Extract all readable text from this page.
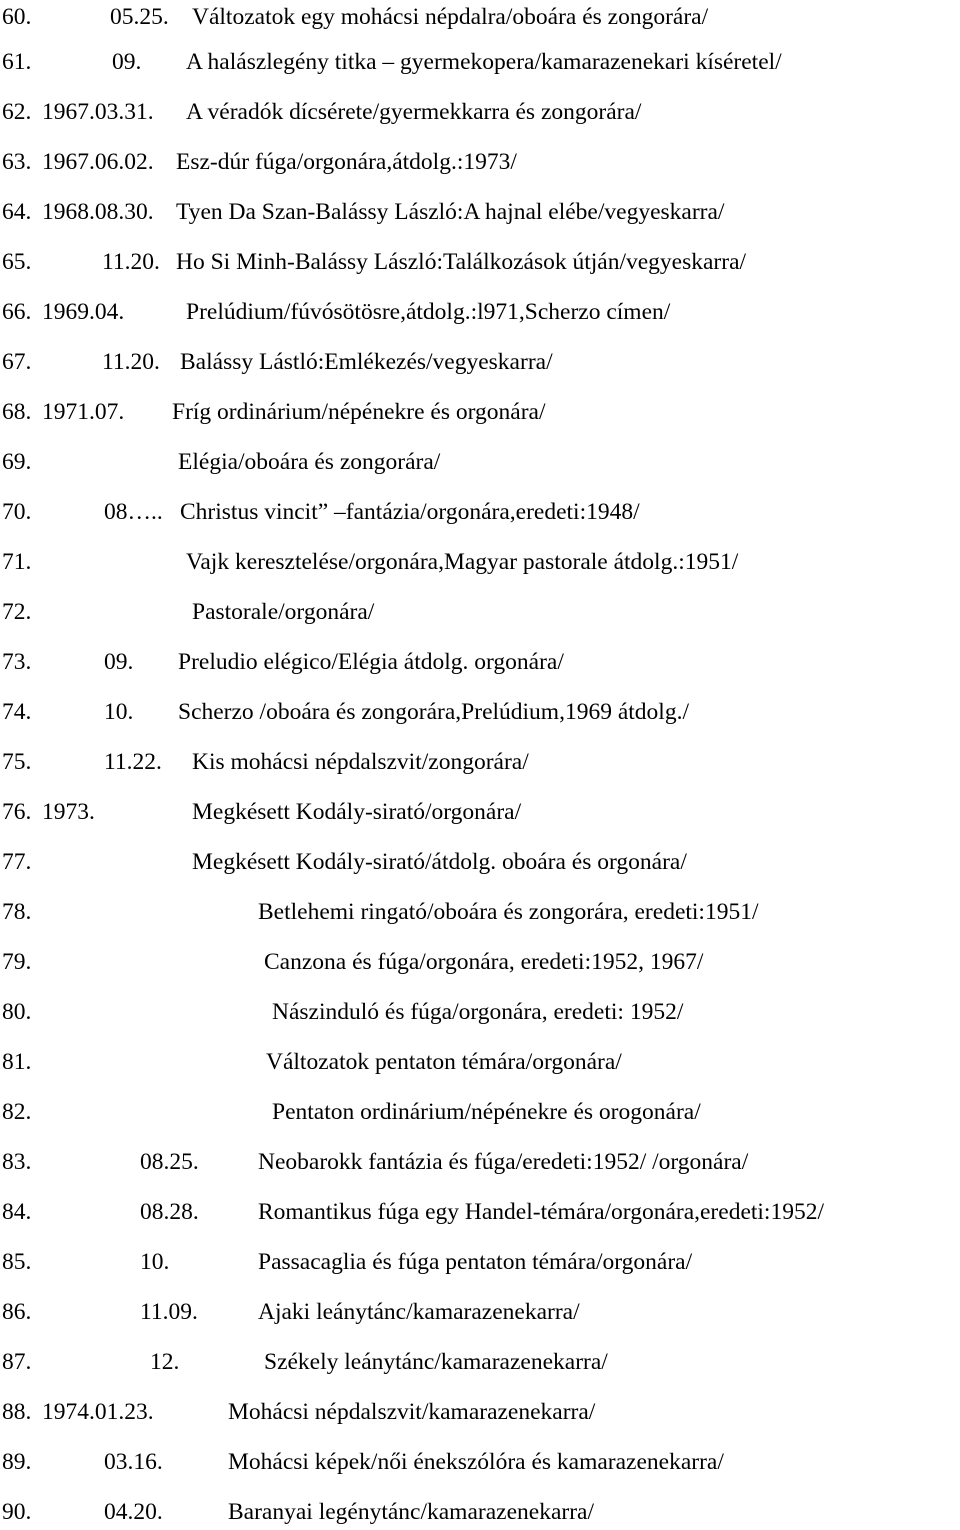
60.	05.25. Változatok egy mohácsi népdalra/oboára és zongorára/
61.	09. A halászlegény titka – gyermekopera/kamarazenekari kíséretel/
62. 1967.03.31. A véradók dícsérete/gyermekkarra és zongorára/
63. 1967.06.02. Esz-dúr fúga/orgonára,átdolg.:1973/
64. 1968.08.30. Tyen Da Szan-Balássy László:A hajnal elébe/vegyeskarra/
65.	11.20. Ho Si Minh-Balássy László:Találkozások útján/vegyeskarra/
66. 1969.04.	Prelúdium/fúvósötösre,átdolg.:l971,Scherzo címen/
67.	11.20. Balássy Lástló:Emlékezés/vegyeskarra/
68. 1971.07. Fríg ordinárium/népénekre és orgonára/
69.	Elégia/oboára és zongorára/
70.	08….. Christus vincit” –fantázia/orgonára,eredeti:1948/
71.	Vajk keresztelése/orgonára,Magyar pastorale átdolg.:1951/
72.	Pastorale/orgonára/
73.	09. Preludio elégico/Elégia átdolg. orgonára/
74.	10. Scherzo /oboára és zongorára,Prelúdium,1969 átdolg./
75.	11.22. Kis mohácsi népdalszvit/zongorára/
76. 1973.	Megkésett Kodály-sirató/orgonára/
77.	Megkésett Kodály-sirató/átdolg. oboára és orgonára/
78.	Betlehemi ringató/oboára és zongorára, eredeti:1951/
79.	Canzona és fúga/orgonára, eredeti:1952, 1967/
80.	Nászinduló és fúga/orgonára, eredeti: 1952/
81.	Változatok pentaton témára/orgonára/
82.	Pentaton ordinárium/népénekre és orogonára/
83.	08.25.	Neobarokk fantázia és fúga/eredeti:1952/ /orgonára/
84.	08.28.	Romantikus fúga egy Handel-témára/orgonára,eredeti:1952/
85.	10.	Passacaglia és fúga pentaton témára/orgonára/
86.	11.09.	Ajaki leánytánc/kamarazenekarra/
87.	12.	Székely leánytánc/kamarazenekarra/
88. 1974.01.23.	Mohácsi népdalszvit/kamarazenekarra/
89.	03.16.	Mohácsi képek/női énekszólóra és kamarazenekarra/
90.	04.20.	Baranyai legénytánc/kamarazenekarra/
